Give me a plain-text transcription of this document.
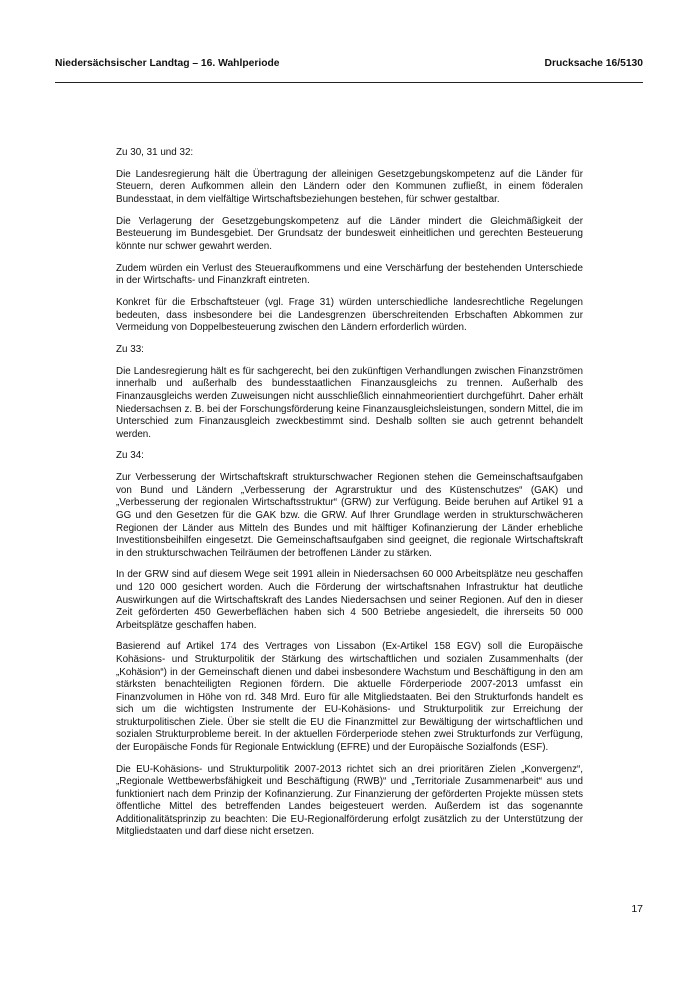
Niedersächsischer Landtag – 16. Wahlperiode	Drucksache 16/5130

Zu 30, 31 und 32:

Die Landesregierung hält die Übertragung der alleinigen Gesetzgebungskompetenz auf die Länder für Steuern, deren Aufkommen allein den Ländern oder den Kommunen zufließt, in einem föderalen Bundesstaat, in dem vielfältige Wirtschaftsbeziehungen bestehen, für schwer gestaltbar.

Die Verlagerung der Gesetzgebungskompetenz auf die Länder mindert die Gleichmäßigkeit der Besteuerung im Bundesgebiet. Der Grundsatz der bundesweit einheitlichen und gerechten Besteuerung könnte nur schwer gewahrt werden.

Zudem würden ein Verlust des Steueraufkommens und eine Verschärfung der bestehenden Unterschiede in der Wirtschafts- und Finanzkraft eintreten.

Konkret für die Erbschaftsteuer (vgl. Frage 31) würden unterschiedliche landesrechtliche Regelungen bedeuten, dass insbesondere bei die Landesgrenzen überschreitenden Erbschaften Abkommen zur Vermeidung von Doppelbesteuerung zwischen den Ländern erforderlich würden.

Zu 33:

Die Landesregierung hält es für sachgerecht, bei den zukünftigen Verhandlungen zwischen Finanzströmen innerhalb und außerhalb des bundesstaatlichen Finanzausgleichs zu trennen. Außerhalb des Finanzausgleichs werden Zuweisungen nicht ausschließlich einnahmeorientiert durchgeführt. Daher erhält Niedersachsen z. B. bei der Forschungsförderung keine Finanzausgleichsleistungen, sondern Mittel, die im Unterschied zum Finanzausgleich zweckbestimmt sind. Deshalb sollten sie auch getrennt behandelt werden.

Zu 34:

Zur Verbesserung der Wirtschaftskraft strukturschwacher Regionen stehen die Gemeinschaftsaufgaben von Bund und Ländern „Verbesserung der Agrarstruktur und des Küstenschutzes“ (GAK) und „Verbesserung der regionalen Wirtschaftsstruktur“ (GRW) zur Verfügung. Beide beruhen auf Artikel 91 a GG und den Gesetzen für die GAK bzw. die GRW. Auf Ihrer Grundlage werden in strukturschwächeren Regionen der Länder aus Mitteln des Bundes und mit hälftiger Kofinanzierung der Länder erhebliche Investitionsbeihilfen eingesetzt. Die Gemeinschaftsaufgaben sind geeignet, die regionale Wirtschaftskraft in den strukturschwachen Teilräumen der betroffenen Länder zu stärken.

In der GRW sind auf diesem Wege seit 1991 allein in Niedersachsen 60 000 Arbeitsplätze neu geschaffen und 120 000 gesichert worden. Auch die Förderung der wirtschaftsnahen Infrastruktur hat deutliche Auswirkungen auf die Wirtschaftskraft des Landes Niedersachsen und seiner Regionen. Auf den in dieser Zeit geförderten 450 Gewerbeflächen haben sich 4 500 Betriebe angesiedelt, die ihrerseits 50 000 Arbeitsplätze geschaffen haben.

Basierend auf Artikel 174 des Vertrages von Lissabon (Ex-Artikel 158 EGV) soll die Europäische Kohäsions- und Strukturpolitik der Stärkung des wirtschaftlichen und sozialen Zusammenhalts (der „Kohäsion“) in der Gemeinschaft dienen und dabei insbesondere Wachstum und Beschäftigung in den am stärksten benachteiligten Regionen fördern. Die aktuelle Förderperiode 2007-2013 umfasst ein Finanzvolumen in Höhe von rd. 348 Mrd. Euro für alle Mitgliedstaaten. Bei den Strukturfonds handelt es sich um die wichtigsten Instrumente der EU-Kohäsions- und Strukturpolitik zur Erreichung der strukturpolitischen Ziele. Über sie stellt die EU die Finanzmittel zur Bewältigung der wirtschaftlichen und sozialen Strukturprobleme bereit. In der aktuellen Förderperiode stehen zwei Strukturfonds zur Verfügung, der Europäische Fonds für Regionale Entwicklung (EFRE) und der Europäische Sozialfonds (ESF).

Die EU-Kohäsions- und Strukturpolitik 2007-2013 richtet sich an drei prioritären Zielen „Konvergenz“, „Regionale Wettbewerbsfähigkeit und Beschäftigung (RWB)“ und „Territoriale Zusammenarbeit“ aus und funktioniert nach dem Prinzip der Kofinanzierung. Zur Finanzierung der geförderten Projekte müssen stets öffentliche Mittel des betreffenden Landes beigesteuert werden. Außerdem ist das sogenannte Additionalitätsprinzip zu beachten: Die EU-Regionalförderung erfolgt zusätzlich zu der Unterstützung der Mitgliedstaaten und darf diese nicht ersetzen.

17
